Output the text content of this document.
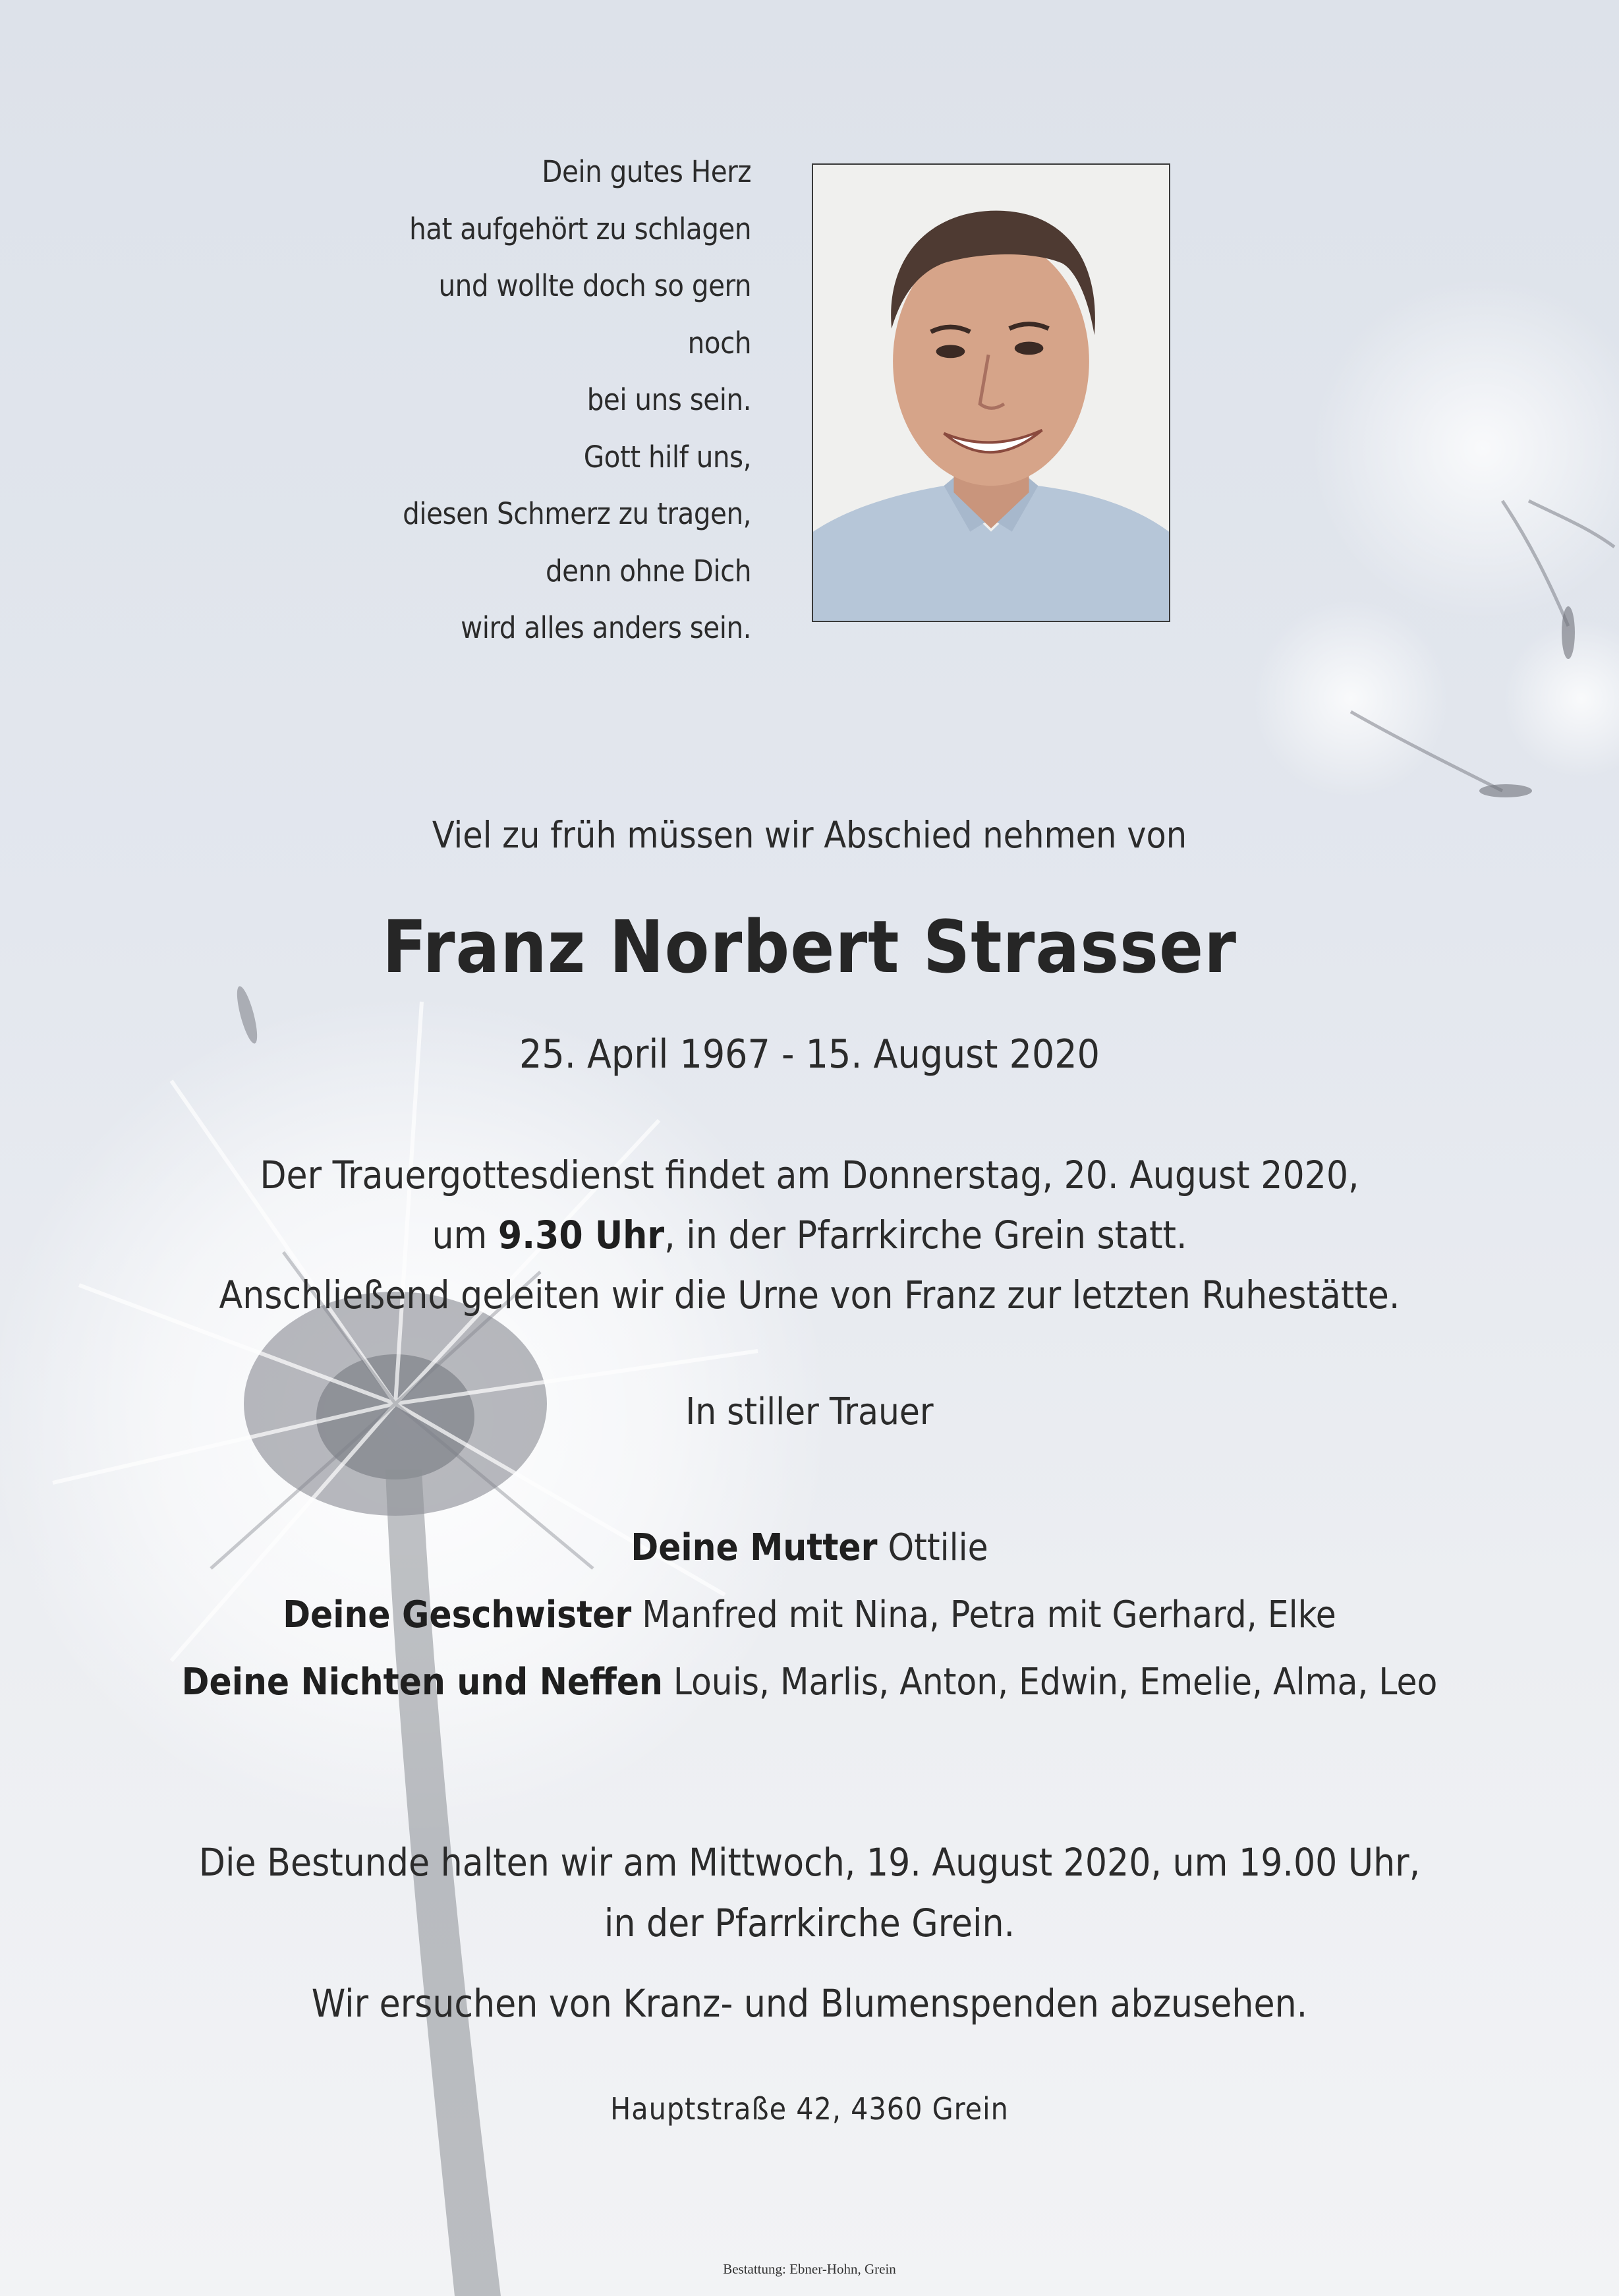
Dein gutes Herz
hat aufgehört zu schlagen
und wollte doch so gern
noch
bei uns sein.
Gott hilf uns,
diesen Schmerz zu tragen,
denn ohne Dich
wird alles anders sein.
Viel zu früh müssen wir Abschied nehmen von
Franz Norbert Strasser
25. April 1967 - 15. August 2020
Der Trauergottesdienst findet am Donnerstag, 20. August 2020,
um 9.30 Uhr, in der Pfarrkirche Grein statt.
Anschließend geleiten wir die Urne von Franz zur letzten Ruhestätte.
In stiller Trauer
Deine Mutter Ottilie
Deine Geschwister Manfred mit Nina, Petra mit Gerhard, Elke
Deine Nichten und Neffen Louis, Marlis, Anton, Edwin, Emelie, Alma, Leo
Die Bestunde halten wir am Mittwoch, 19. August 2020, um 19.00 Uhr,
in der Pfarrkirche Grein.
Wir ersuchen von Kranz- und Blumenspenden abzusehen.
Hauptstraße 42, 4360 Grein
Bestattung: Ebner-Hohn, Grein
